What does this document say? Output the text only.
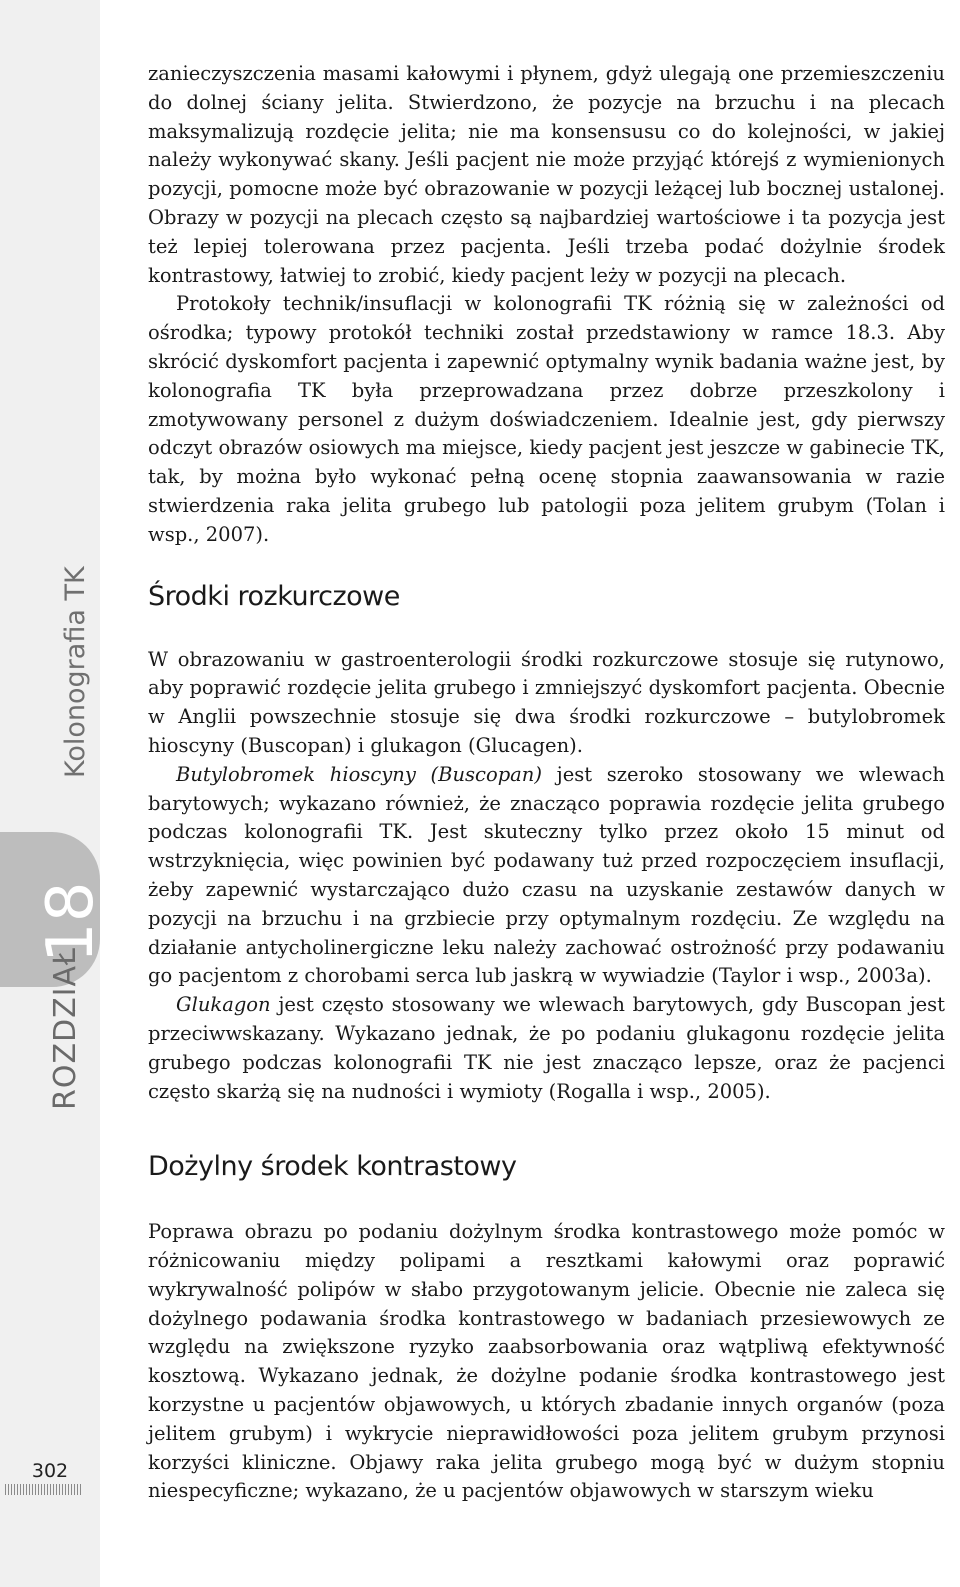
Kolonografia TK
18
ROZDZIAŁ
302

zanieczyszczenia masami kałowymi i płynem, gdyż ulegają one przemieszczeniu do dolnej ściany jelita. Stwierdzono, że pozycje na brzuchu i na plecach maksymalizują rozdęcie jelita; nie ma konsensusu co do kolejności, w jakiej należy wykonywać skany. Jeśli pacjent nie może przyjąć którejś z wymienionych pozycji, pomocne może być obrazowanie w pozycji leżącej lub bocznej ustalonej. Obrazy w pozycji na plecach często są najbardziej wartościowe i ta pozycja jest też lepiej tolerowana przez pacjenta. Jeśli trzeba podać dożylnie środek kontrastowy, łatwiej to zrobić, kiedy pacjent leży w pozycji na plecach.

Protokoły technik/insuflacji w kolonografii TK różnią się w zależności od ośrodka; typowy protokół techniki został przedstawiony w ramce 18.3. Aby skrócić dyskomfort pacjenta i zapewnić optymalny wynik badania ważne jest, by kolonografia TK była przeprowadzana przez dobrze przeszkolony i zmotywowany personel z dużym doświadczeniem. Idealnie jest, gdy pierwszy odczyt obrazów osiowych ma miejsce, kiedy pacjent jest jeszcze w gabinecie TK, tak, by można było wykonać pełną ocenę stopnia zaawansowania w razie stwierdzenia raka jelita grubego lub patologii poza jelitem grubym (Tolan i wsp., 2007).

Środki rozkurczowe

W obrazowaniu w gastroenterologii środki rozkurczowe stosuje się rutynowo, aby poprawić rozdęcie jelita grubego i zmniejszyć dyskomfort pacjenta. Obecnie w Anglii powszechnie stosuje się dwa środki rozkurczowe – butylobromek hioscyny (Buscopan) i glukagon (Glucagen).

Butylobromek hioscyny (Buscopan) jest szeroko stosowany we wlewach barytowych; wykazano również, że znacząco poprawia rozdęcie jelita grubego podczas kolonografii TK. Jest skuteczny tylko przez około 15 minut od wstrzyknięcia, więc powinien być podawany tuż przed rozpoczęciem insuflacji, żeby zapewnić wystarczająco dużo czasu na uzyskanie zestawów danych w pozycji na brzuchu i na grzbiecie przy optymalnym rozdęciu. Ze względu na działanie antycholinergiczne leku należy zachować ostrożność przy podawaniu go pacjentom z chorobami serca lub jaskrą w wywiadzie (Taylor i wsp., 2003a).

Glukagon jest często stosowany we wlewach barytowych, gdy Buscopan jest przeciwwskazany. Wykazano jednak, że po podaniu glukagonu rozdęcie jelita grubego podczas kolonografii TK nie jest znacząco lepsze, oraz że pacjenci często skarżą się na nudności i wymioty (Rogalla i wsp., 2005).

Dożylny środek kontrastowy

Poprawa obrazu po podaniu dożylnym środka kontrastowego może pomóc w różnicowaniu między polipami a resztkami kałowymi oraz poprawić wykrywalność polipów w słabo przygotowanym jelicie. Obecnie nie zaleca się dożylnego podawania środka kontrastowego w badaniach przesiewowych ze względu na zwiększone ryzyko zaabsorbowania oraz wątpliwą efektywność kosztową. Wykazano jednak, że dożylne podanie środka kontrastowego jest korzystne u pacjentów objawowych, u których zbadanie innych organów (poza jelitem grubym) i wykrycie nieprawidłowości poza jelitem grubym przynosi korzyści kliniczne. Objawy raka jelita grubego mogą być w dużym stopniu niespecyficzne; wykazano, że u pacjentów objawowych w starszym wieku
